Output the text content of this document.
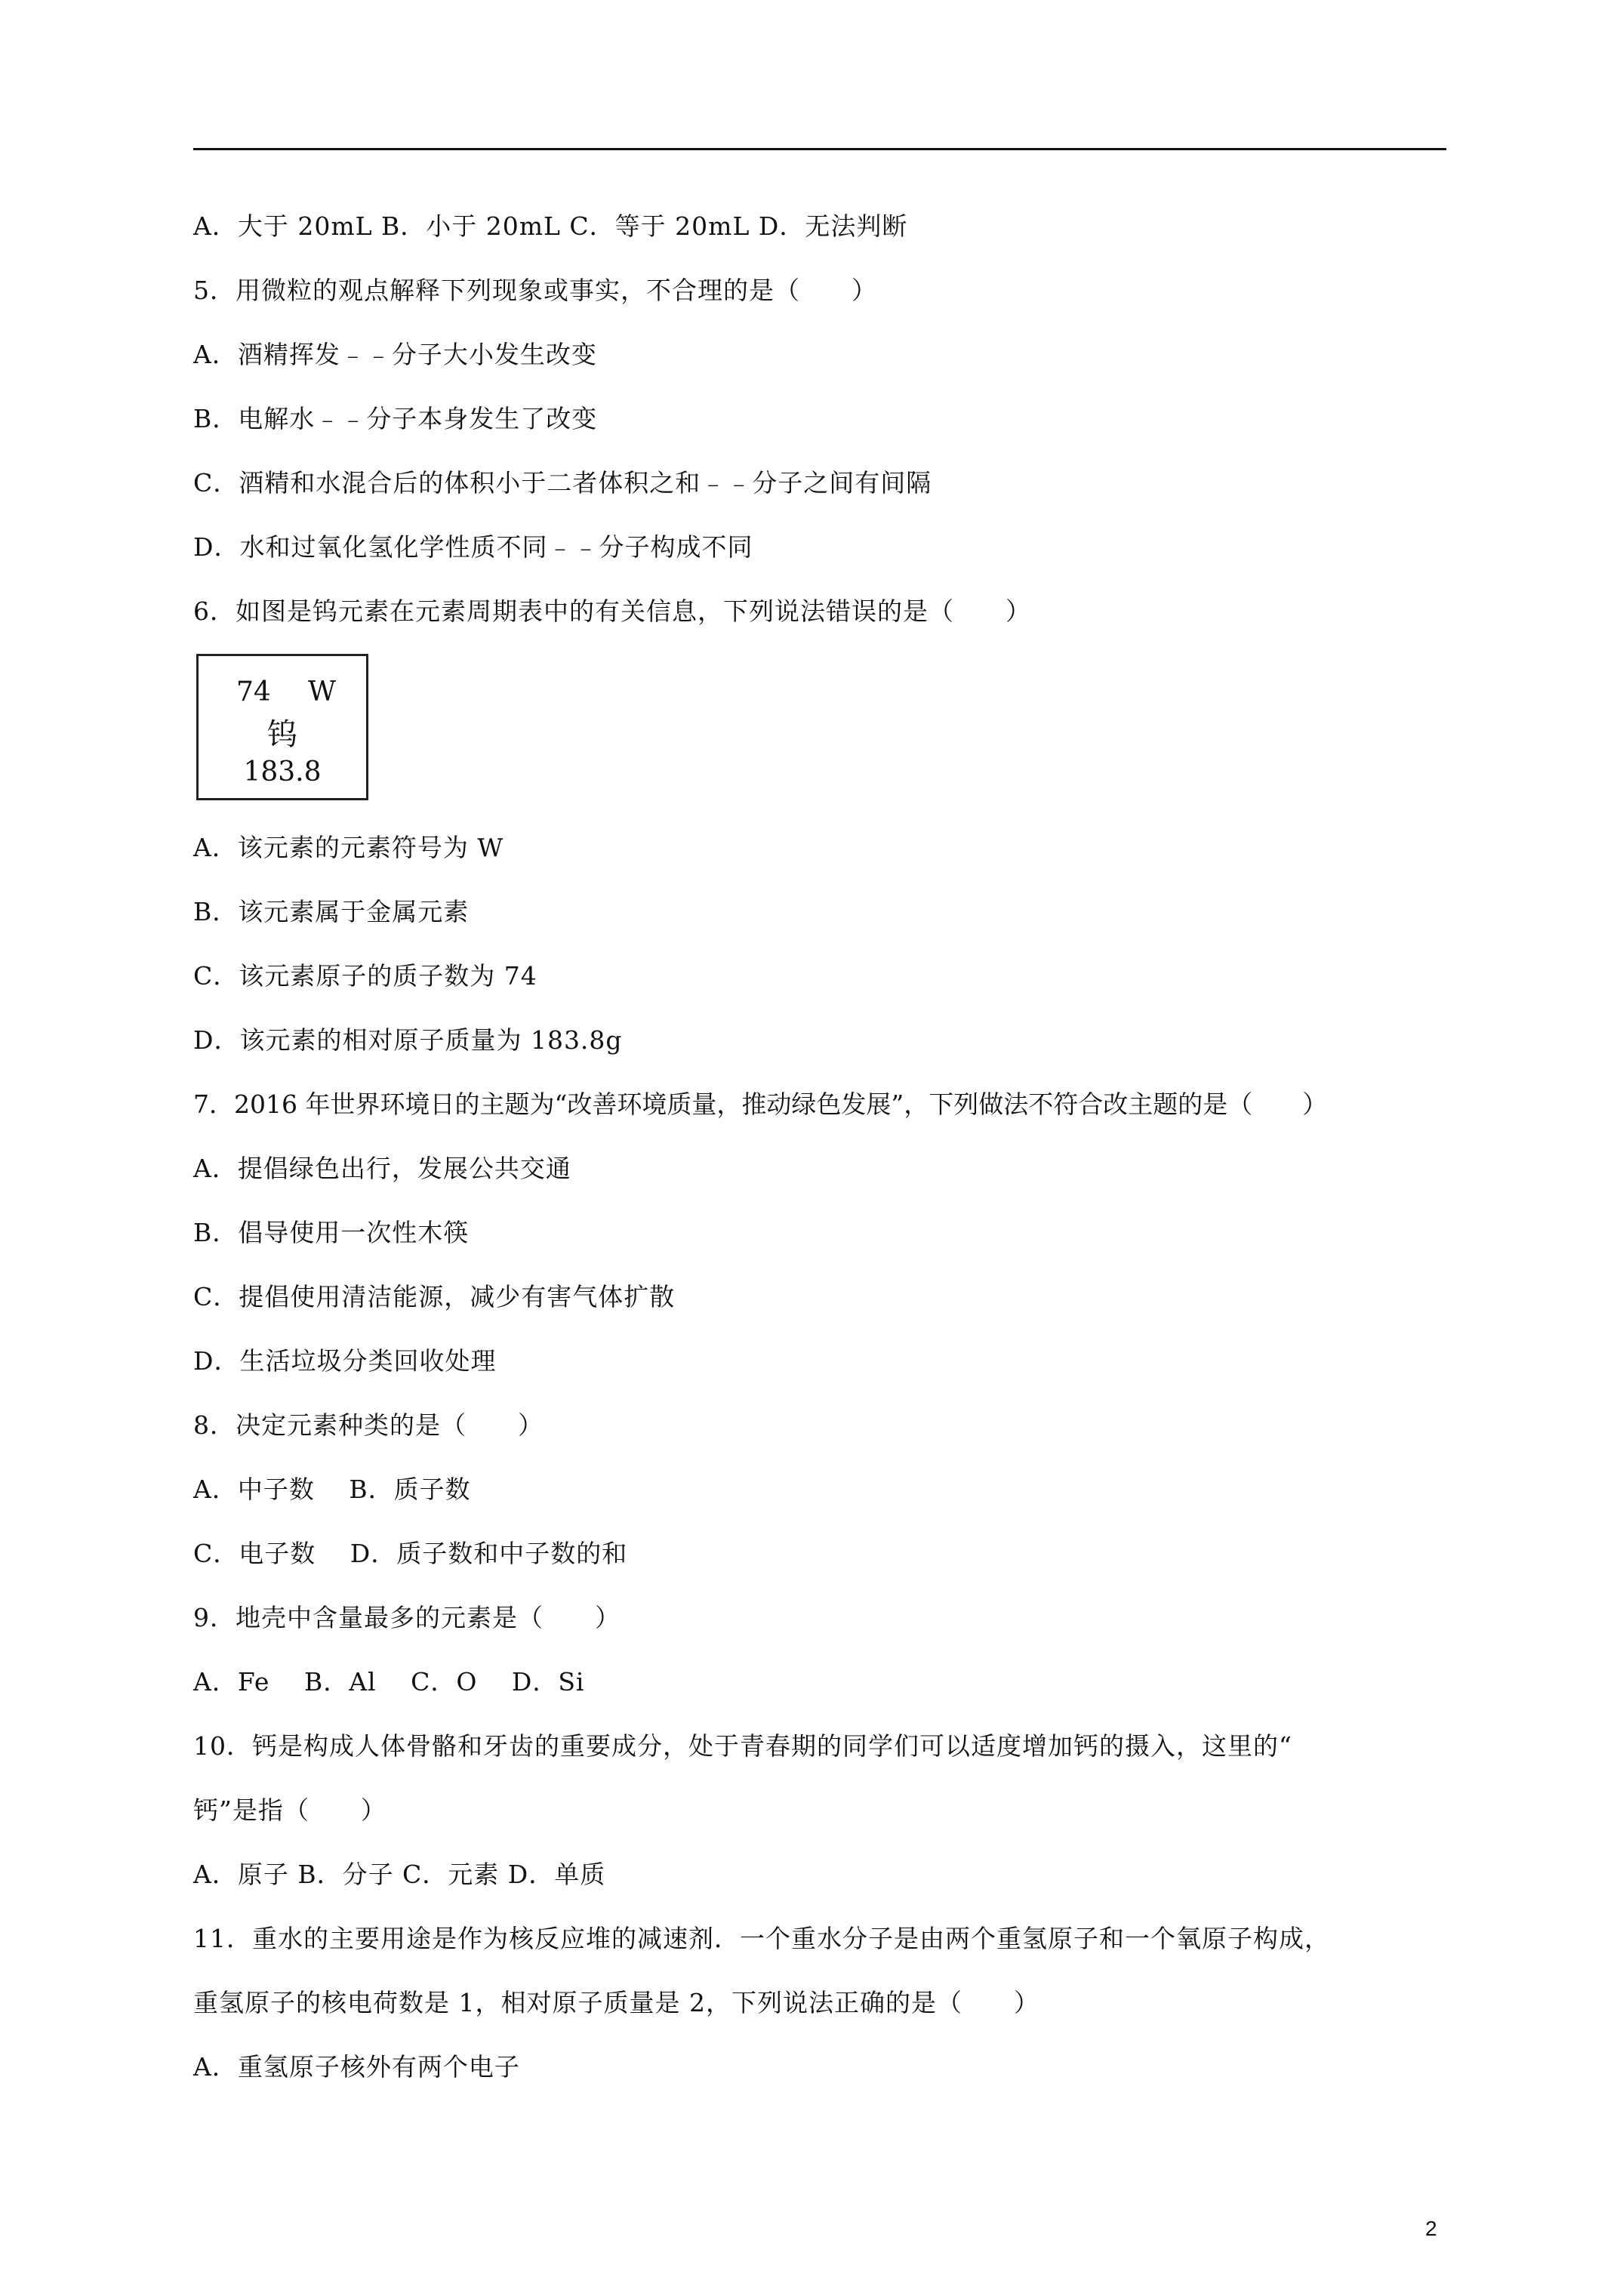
A．大于 20mL B．小于 20mL C．等于 20mL D．无法判断
5．用微粒的观点解释下列现象或事实，不合理的是（　　）
A．酒精挥发﹣﹣分子大小发生改变
B．电解水﹣﹣分子本身发生了改变
C．酒精和水混合后的体积小于二者体积之和﹣﹣分子之间有间隔
D．水和过氧化氢化学性质不同﹣﹣分子构成不同
6．如图是钨元素在元素周期表中的有关信息，下列说法错误的是（　　）
74 W
钨
183.8
A．该元素的元素符号为 W
B．该元素属于金属元素
C．该元素原子的质子数为 74
D．该元素的相对原子质量为 183.8g
7．2016 年世界环境日的主题为“改善环境质量，推动绿色发展”，下列做法不符合改主题的是（　　）
A．提倡绿色出行，发展公共交通
B．倡导使用一次性木筷
C．提倡使用清洁能源，减少有害气体扩散
D．生活垃圾分类回收处理
8．决定元素种类的是（　　）
A．中子数　 B．质子数
C．电子数　 D．质子数和中子数的和
9．地壳中含量最多的元素是（　　）
A．Fe　 B．Al　 C．O　 D．Si
10．钙是构成人体骨骼和牙齿的重要成分，处于青春期的同学们可以适度增加钙的摄入，这里的“
钙”是指（　　）
A．原子 B．分子 C．元素 D．单质
11．重水的主要用途是作为核反应堆的减速剂．一个重水分子是由两个重氢原子和一个氧原子构成，
重氢原子的核电荷数是 1，相对原子质量是 2，下列说法正确的是（　　）
A．重氢原子核外有两个电子
2
